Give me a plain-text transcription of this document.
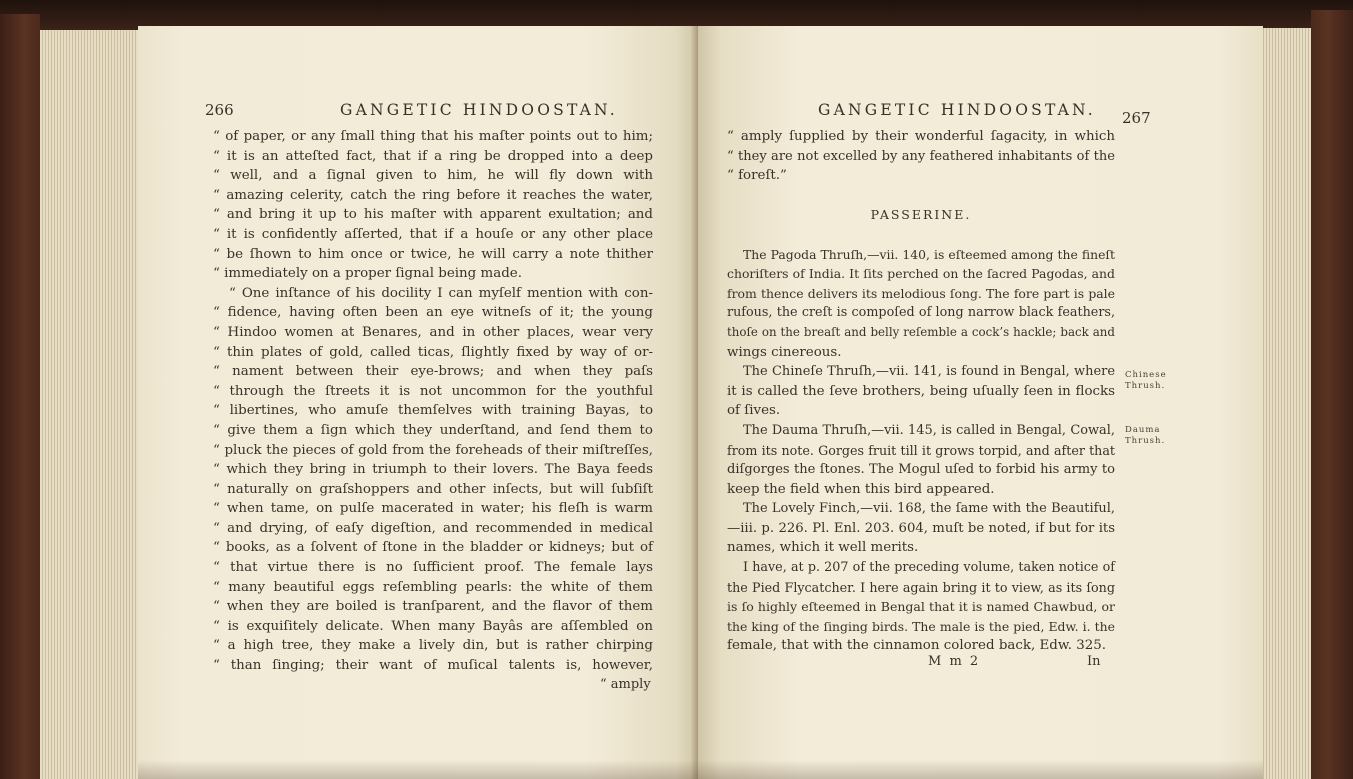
266	GANGETIC HINDOOSTAN.
“ of paper, or any ſmall thing that his maſter points out to him;
“ it is an atteſted fact, that if a ring be dropped into a deep
“ well, and a ſignal given to him, he will fly down with
“ amazing celerity, catch the ring before it reaches the water,
“ and bring it up to his maſter with apparent exultation; and
“ it is confidently aſſerted, that if a houſe or any other place
“ be ſhown to him once or twice, he will carry a note thither
“ immediately on a proper ſignal being made.
“ One inſtance of his docility I can myſelf mention with con-
“ fidence, having often been an eye witneſs of it; the young
“ Hindoo women at Benares, and in other places, wear very
“ thin plates of gold, called ticas, ſlightly fixed by way of or-
“ nament between their eye-brows; and when they paſs
“ through the ſtreets it is not uncommon for the youthful
“ libertines, who amuſe themſelves with training Bayas, to
“ give them a ſign which they underſtand, and ſend them to
“ pluck the pieces of gold from the foreheads of their miſtreſſes,
“ which they bring in triumph to their lovers. The Baya feeds
“ naturally on graſshoppers and other inſects, but will ſubſiſt
“ when tame, on pulſe macerated in water; his fleſh is warm
“ and drying, of eaſy digeſtion, and recommended in medical
“ books, as a ſolvent of ſtone in the bladder or kidneys; but of
“ that virtue there is no ſufficient proof. The female lays
“ many beautiful eggs reſembling pearls: the white of them
“ when they are boiled is tranſparent, and the flavor of them
“ is exquiſitely delicate. When many Bayâs are aſſembled on
“ a high tree, they make a lively din, but is rather chirping
“ than ſinging; their want of muſical talents is, however,
“ amply
GANGETIC HINDOOSTAN. 267
“ amply ſupplied by their wonderful ſagacity, in which
“ they are not excelled by any feathered inhabitants of the
“ foreſt.”
PASSERINE.
The Pagoda Thruſh,—vii. 140, is eſteemed among the fineſt
choriſters of India. It ſits perched on the ſacred Pagodas, and
from thence delivers its melodious ſong. The fore part is pale
rufous, the creſt is compoſed of long narrow black feathers,
thoſe on the breaſt and belly reſemble a cock’s hackle; back and
wings cinereous.
The Chineſe Thruſh,—vii. 141, is found in Bengal, where
it is called the ſeve brothers, being uſually ſeen in flocks
of ſives.
The Dauma Thruſh,—vii. 145, is called in Bengal, Cowal,
from its note. Gorges fruit till it grows torpid, and after that
diſgorges the ſtones. The Mogul uſed to forbid his army to
keep the field when this bird appeared.
The Lovely Finch,—vii. 168, the ſame with the Beautiful,
—iii. p. 226. Pl. Enl. 203. 604, muſt be noted, if but for its
names, which it well merits.
I have, at p. 207 of the preceding volume, taken notice of
the Pied Flycatcher. I here again bring it to view, as its ſong
is ſo highly eſteemed in Bengal that it is named Chawbud, or
the king of the ſinging birds. The male is the pied, Edw. i. the
female, that with the cinnamon colored back, Edw. 325.
Chinese
Thrush.
Dauma
Thrush.
M m 2	In
